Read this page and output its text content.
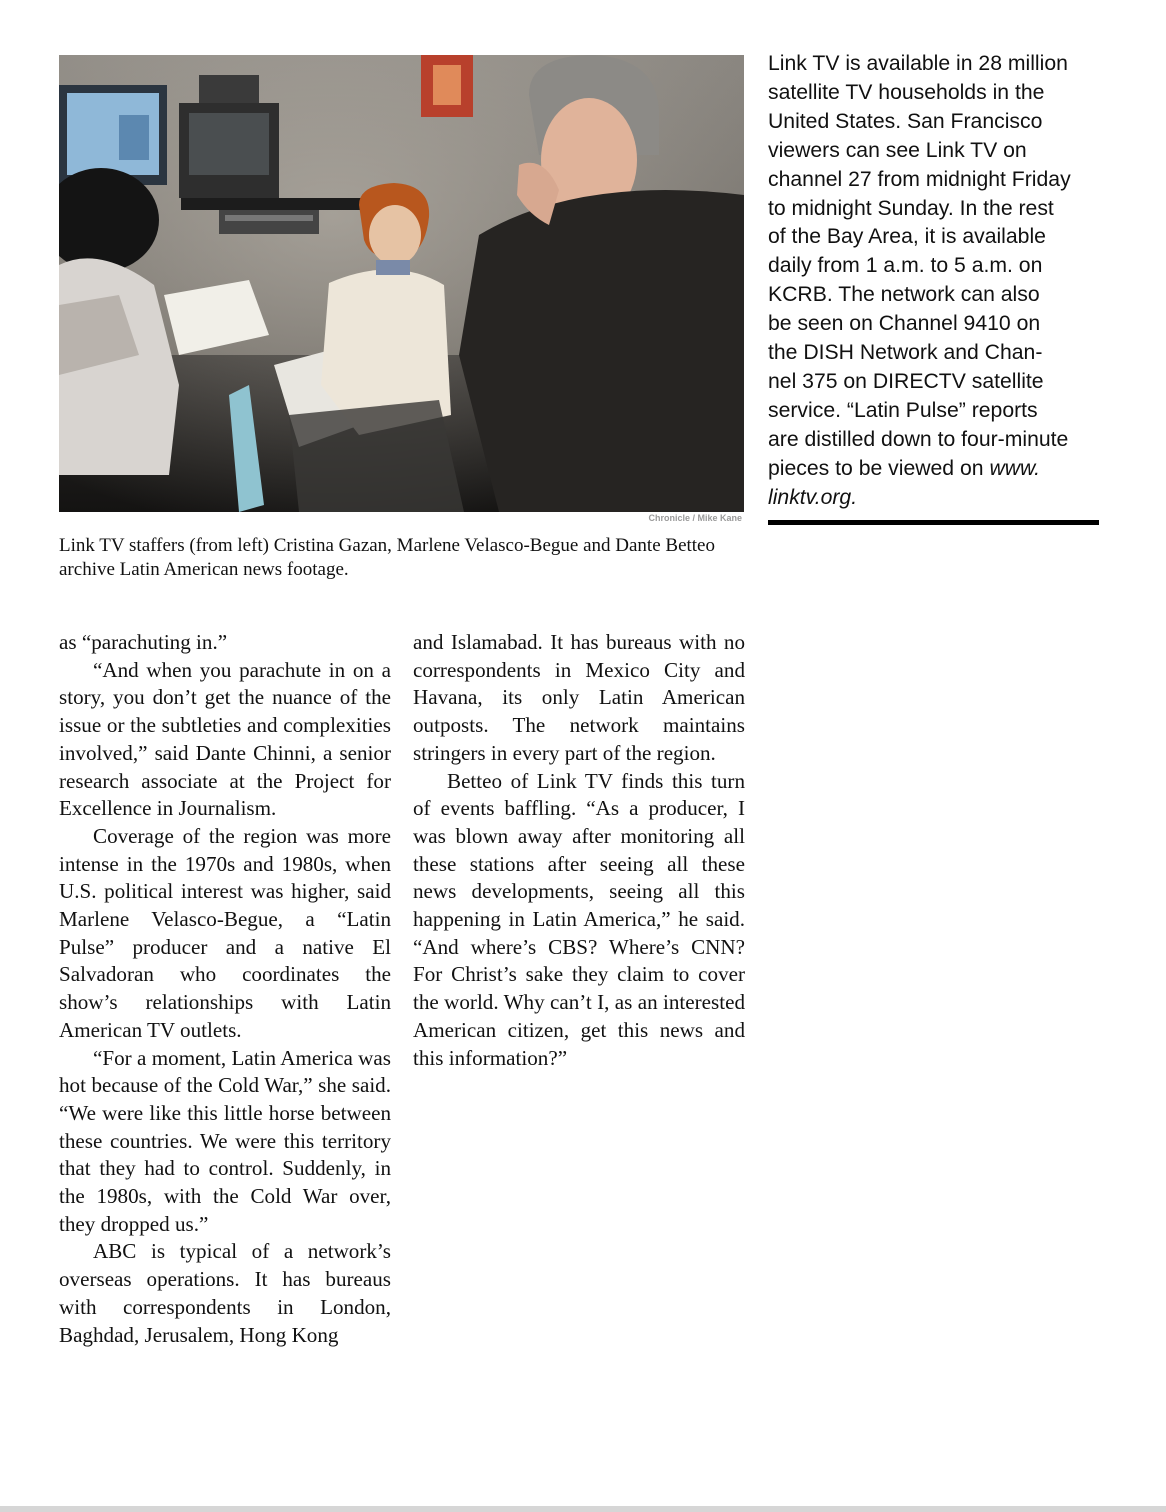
Chronicle / Mike Kane
Link TV staffers (from left) Cristina Gazan, Marlene Velasco-Begue and Dante Betteo archive Latin American news footage.
Link TV is available in 28 million
satellite TV households in the
United States. San Francisco
viewers can see Link TV on
channel 27 from midnight Friday
to midnight Sunday. In the rest
of the Bay Area, it is available
daily from 1 a.m. to 5 a.m. on
KCRB. The network can also
be seen on Channel 9410 on
the DISH Network and Chan-
nel 375 on DIRECTV satellite
service. “Latin Pulse” reports
are distilled down to four-minute
pieces to be viewed on www.
linktv.org.

as “parachuting in.”

“And when you parachute in on a story, you don’t get the nuance of the issue or the subtleties and complexities involved,” said Dante Chinni, a senior research associate at the Project for Excellence in Journalism.

Coverage of the region was more intense in the 1970s and 1980s, when U.S. political interest was higher, said Marlene Velasco-Begue, a “Latin Pulse” producer and a native El Salvadoran who coordinates the show’s relationships with Latin American TV outlets.

“For a moment, Latin America was hot because of the Cold War,” she said. “We were like this little horse between these countries. We were this territory that they had to control. Suddenly, in the 1980s, with the Cold War over, they dropped us.”

ABC is typical of a network’s overseas operations. It has bureaus with correspondents in London, Baghdad, Jerusalem, Hong Kong

and Islamabad. It has bureaus with no correspondents in Mexico City and Havana, its only Latin American outposts. The network maintains stringers in every part of the region.

Betteo of Link TV finds this turn of events baffling. “As a producer, I was blown away after monitoring all these stations after seeing all these news developments, seeing all this happening in Latin America,” he said. “And where’s CBS? Where’s CNN? For Christ’s sake they claim to cover the world. Why can’t I, as an interested American citizen, get this news and this information?”
